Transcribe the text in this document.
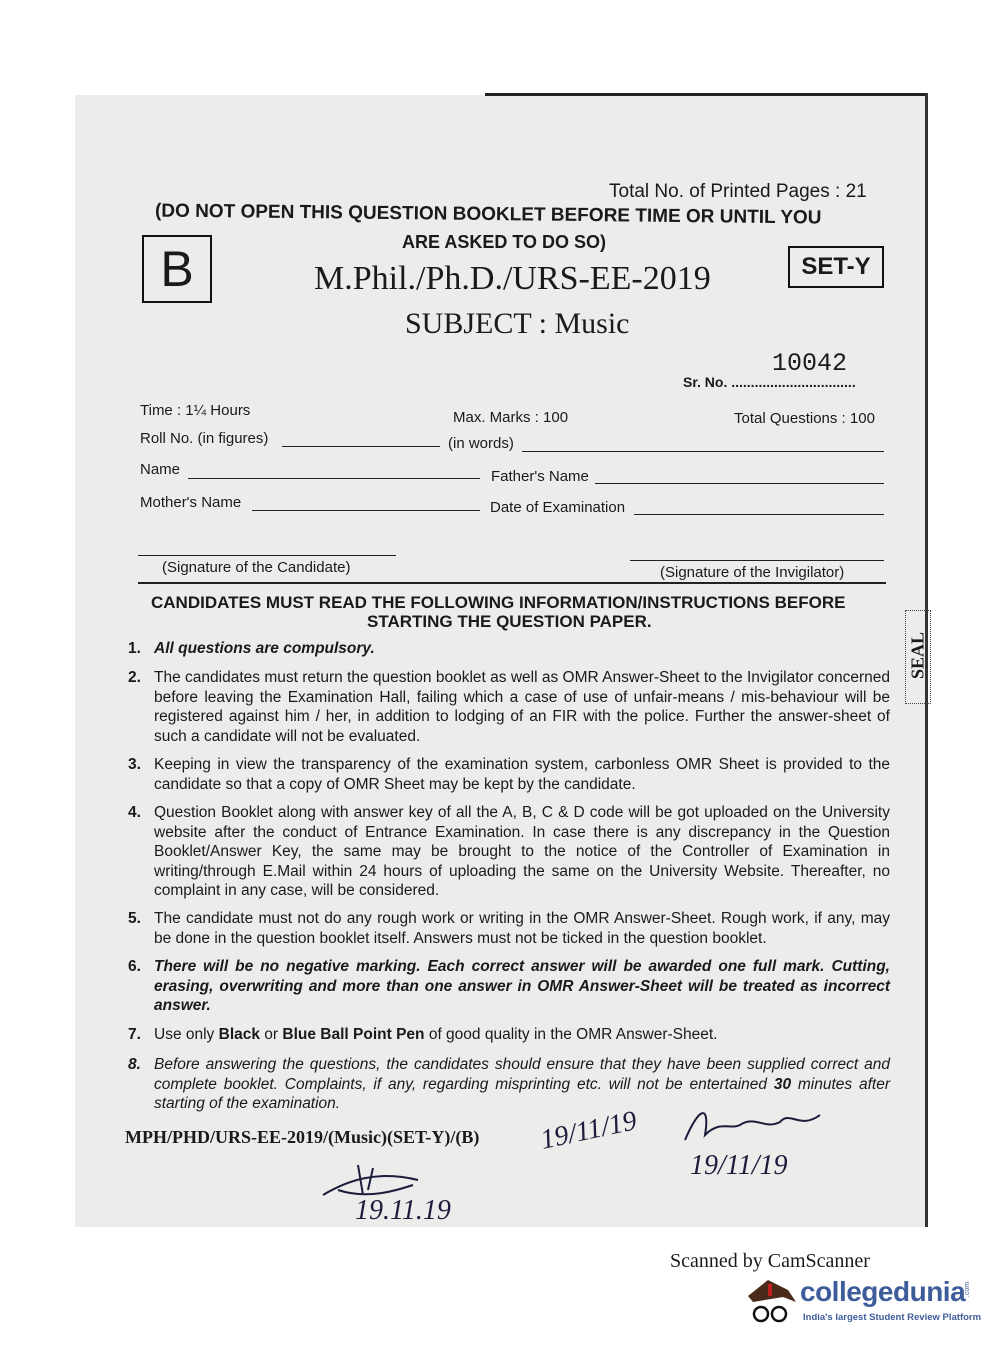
Total No. of Printed Pages : 21
(DO NOT OPEN THIS QUESTION BOOKLET BEFORE TIME OR UNTIL YOU
ARE ASKED TO DO SO)
B	SET-Y
M.Phil./Ph.D./URS-EE-2019
SUBJECT : Music
10042
Sr. No. ................................
Time : 1¼ Hours	Max. Marks : 100	Total Questions : 100
Roll No. (in figures)	(in words)
Name	Father's Name
Mother's Name	Date of Examination
(Signature of the Candidate)	(Signature of the Invigilator)
CANDIDATES MUST READ THE FOLLOWING INFORMATION/INSTRUCTIONS BEFORE
STARTING THE QUESTION PAPER.
SEAL
1. All questions are compulsory.
2. The candidates must return the question booklet as well as OMR Answer-Sheet to the Invigilator concerned before leaving the Examination Hall, failing which a case of use of unfair-means / mis-behaviour will be registered against him / her, in addition to lodging of an FIR with the police. Further the answer-sheet of such a candidate will not be evaluated.
3. Keeping in view the transparency of the examination system, carbonless OMR Sheet is provided to the candidate so that a copy of OMR Sheet may be kept by the candidate.
4. Question Booklet along with answer key of all the A, B, C & D code will be got uploaded on the University website after the conduct of Entrance Examination. In case there is any discrepancy in the Question Booklet/Answer Key, the same may be brought to the notice of the Controller of Examination in writing/through E.Mail within 24 hours of uploading the same on the University Website. Thereafter, no complaint in any case, will be considered.
5. The candidate must not do any rough work or writing in the OMR Answer-Sheet. Rough work, if any, may be done in the question booklet itself. Answers must not be ticked in the question booklet.
6. There will be no negative marking. Each correct answer will be awarded one full mark. Cutting, erasing, overwriting and more than one answer in OMR Answer-Sheet will be treated as incorrect answer.
7. Use only Black or Blue Ball Point Pen of good quality in the OMR Answer-Sheet.
8. Before answering the questions, the candidates should ensure that they have been supplied correct and complete booklet. Complaints, if any, regarding misprinting etc. will not be entertained 30 minutes after starting of the examination.
MPH/PHD/URS-EE-2019/(Music)(SET-Y)/(B) 19/11/19
19/11/19
19.11.19
Scanned by CamScanner
collegedunia
.com
India's largest Student Review Platform
